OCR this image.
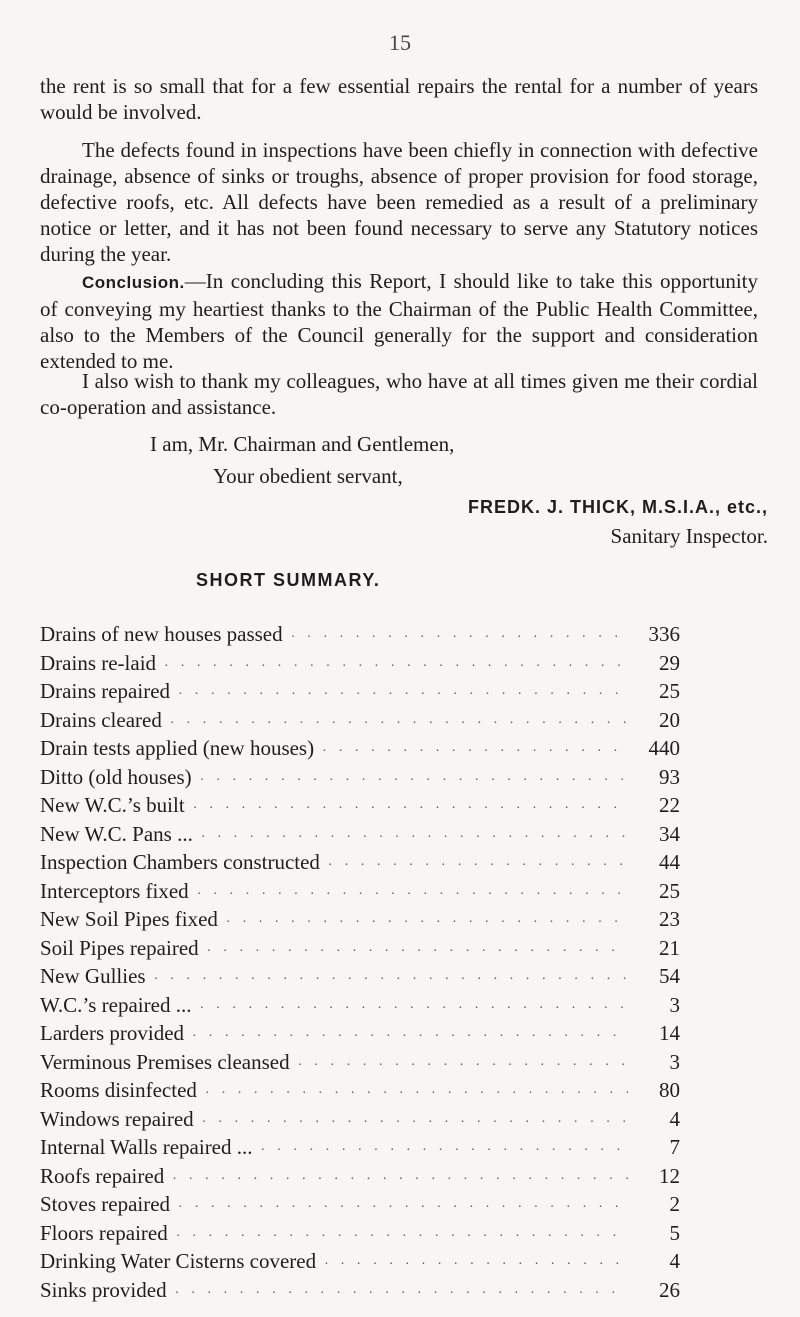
15

the rent is so small that for a few essential repairs the rental for a number of years would be involved.

The defects found in inspections have been chiefly in connection with defective drainage, absence of sinks or troughs, absence of proper provision for food storage, defective roofs, etc. All defects have been remedied as a result of a preliminary notice or letter, and it has not been found necessary to serve any Statutory notices during the year.

Conclusion.—In concluding this Report, I should like to take this opportunity of conveying my heartiest thanks to the Chairman of the Public Health Committee, also to the Members of the Council generally for the support and consideration extended to me.

I also wish to thank my colleagues, who have at all times given me their cordial co-operation and assistance.

I am, Mr. Chairman and Gentlemen,
Your obedient servant,
FREDK. J. THICK, M.S.I.A., etc.,
Sanitary Inspector.
SHORT SUMMARY.
Drains of new houses passed · ·	336
Drains re-laid · ·	29
Drains repaired · ·	25
Drains cleared · ·	20
Drain tests applied (new houses) · ·	440
Ditto (old houses) · ·	93
New W.C.’s built · ·	22
New W.C. Pans ... · ·	34
Inspection Chambers constructed · ·	44
Interceptors fixed · ·	25
New Soil Pipes fixed · ·	23
Soil Pipes repaired · ·	21
New Gullies · ·	54
W.C.’s repaired ... · ·	3
Larders provided · ·	14
Verminous Premises cleansed · ·	3
Rooms disinfected · ·	80
Windows repaired · ·	4
Internal Walls repaired ... · ·	7
Roofs repaired · ·	12
Stoves repaired · ·	2
Floors repaired · ·	5
Drinking Water Cisterns covered · ·	4
Sinks provided · ·	26
